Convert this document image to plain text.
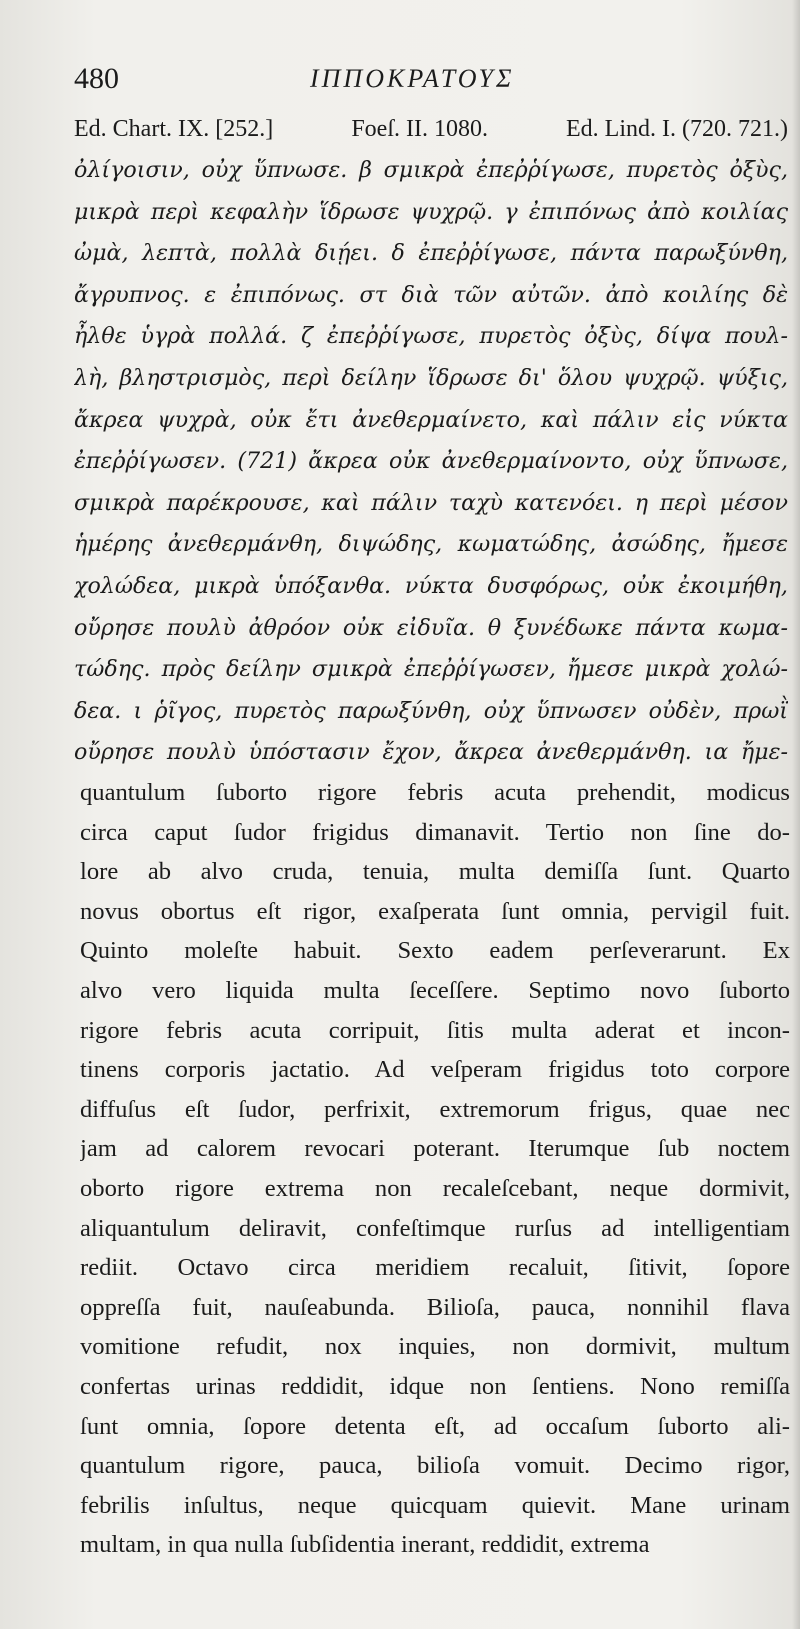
480	ΙΠΠΟΚΡΑΤΟΥΣ
Ed. Chart. IX. [252.]	Foeſ. II. 1080.	Ed. Lind. I. (720. 721.)
ὀλίγοισιν, οὐχ ὕπνωσε. β σμικρὰ ἐπεῤῥίγωσε, πυρετὸς ὀξὺς,
μικρὰ περὶ κεφαλὴν ἵδρωσε ψυχρῷ. γ ἐπιπόνως ἀπὸ κοιλίας
ὠμὰ, λεπτὰ, πολλὰ διῄει. δ ἐπεῤῥίγωσε, πάντα παρωξύνθη,
ἄγρυπνος. ε ἐπιπόνως. στ διὰ τῶν αὐτῶν. ἀπὸ κοιλίης δὲ
ἦλθε ὑγρὰ πολλά. ζ ἐπεῤῥίγωσε, πυρετὸς ὀξὺς, δίψα πουλ-
λὴ, βληστρισμὸς, περὶ δείλην ἵδρωσε δι' ὅλου ψυχρῷ. ψύξις,
ἄκρεα ψυχρὰ, οὐκ ἔτι ἀνεθερμαίνετο, καὶ πάλιν εἰς νύκτα
ἐπεῤῥίγωσεν. (721) ἄκρεα οὐκ ἀνεθερμαίνοντο, οὐχ ὕπνωσε,
σμικρὰ παρέκρουσε, καὶ πάλιν ταχὺ κατενόει. η περὶ μέσον
ἡμέρης ἀνεθερμάνθη, διψώδης, κωματώδης, ἀσώδης, ἤμεσε
χολώδεα, μικρὰ ὑπόξανθα. νύκτα δυσφόρως, οὐκ ἐκοιμήθη,
οὔρησε πουλὺ ἀθρόον οὐκ εἰδυῖα. θ ξυνέδωκε πάντα κωμα-
τώδης. πρὸς δείλην σμικρὰ ἐπεῤῥίγωσεν, ἤμεσε μικρὰ χολώ-
δεα. ι ῥῖγος, πυρετὸς παρωξύνθη, οὐχ ὕπνωσεν οὐδὲν, πρωῒ
οὔρησε πουλὺ ὑπόστασιν ἔχον, ἄκρεα ἀνεθερμάνθη. ια ἤμε-
quantulum ſuborto rigore febris acuta prehendit, modicus
circa caput ſudor frigidus dimanavit. Tertio non ſine do-
lore ab alvo cruda, tenuia, multa demiſſa ſunt. Quarto
novus obortus eſt rigor, exaſperata ſunt omnia, pervigil fuit.
Quinto moleſte habuit. Sexto eadem perſeverarunt. Ex
alvo vero liquida multa ſeceſſere. Septimo novo ſuborto
rigore febris acuta corripuit, ſitis multa aderat et incon-
tinens corporis jactatio. Ad veſperam frigidus toto corpore
diffuſus eſt ſudor, perfrixit, extremorum frigus, quae nec
jam ad calorem revocari poterant. Iterumque ſub noctem
oborto rigore extrema non recaleſcebant, neque dormivit,
aliquantulum deliravit, confeſtimque rurſus ad intelligentiam
rediit. Octavo circa meridiem recaluit, ſitivit, ſopore
oppreſſa fuit, nauſeabunda. Bilioſa, pauca, nonnihil flava
vomitione refudit, nox inquies, non dormivit, multum
confertas urinas reddidit, idque non ſentiens. Nono remiſſa
ſunt omnia, ſopore detenta eſt, ad occaſum ſuborto ali-
quantulum rigore, pauca, bilioſa vomuit. Decimo rigor,
febrilis inſultus, neque quicquam quievit. Mane urinam
multam, in qua nulla ſubſidentia inerant, reddidit, extrema
